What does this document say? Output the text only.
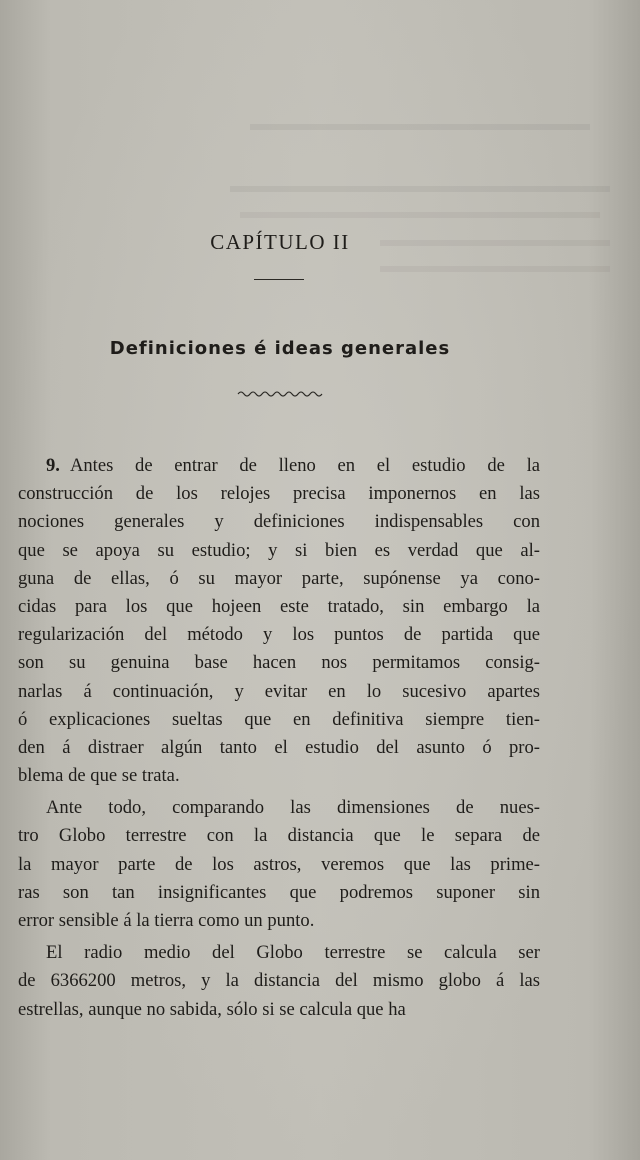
CAPÍTULO II
Definiciones é ideas generales
9. Antes de entrar de lleno en el estudio de la
construcción de los relojes precisa imponernos en las
nociones generales y definiciones indispensables con
que se apoya su estudio; y si bien es verdad que al-
guna de ellas, ó su mayor parte, supónense ya cono-
cidas para los que hojeen este tratado, sin embargo la
regularización del método y los puntos de partida que
son su genuina base hacen nos permitamos consig-
narlas á continuación, y evitar en lo sucesivo apartes
ó explicaciones sueltas que en definitiva siempre tien-
den á distraer algún tanto el estudio del asunto ó pro-
blema de que se trata.
Ante todo, comparando las dimensiones de nues-
tro Globo terrestre con la distancia que le separa de
la mayor parte de los astros, veremos que las prime-
ras son tan insignificantes que podremos suponer sin
error sensible á la tierra como un punto.
El radio medio del Globo terrestre se calcula ser
de 6366200 metros, y la distancia del mismo globo á las
estrellas, aunque no sabida, sólo si se calcula que ha
